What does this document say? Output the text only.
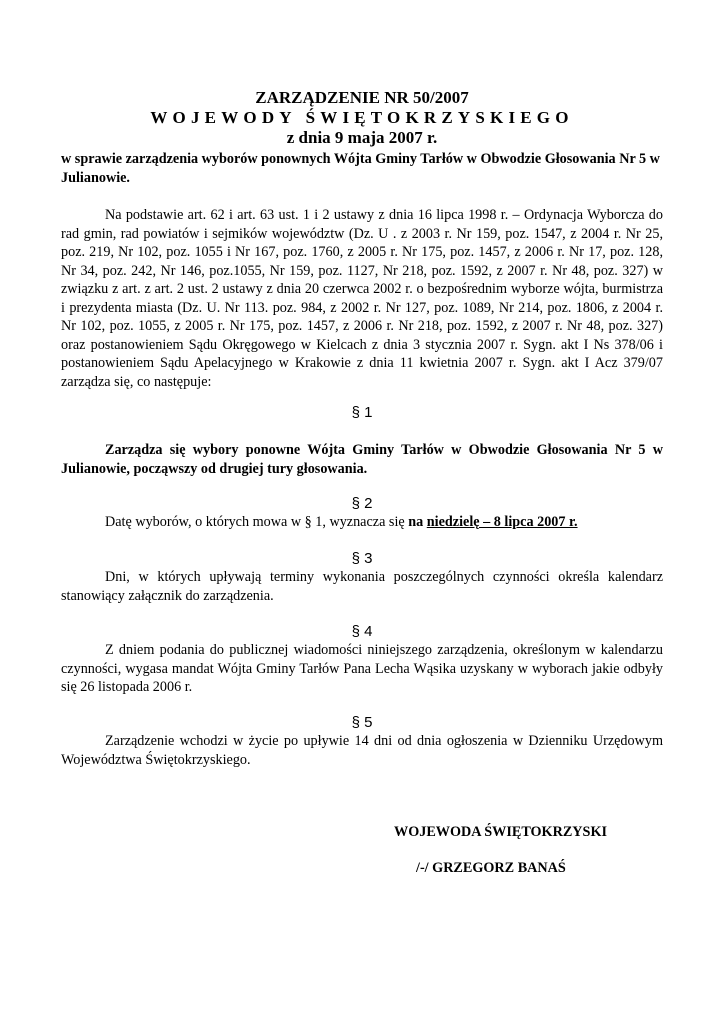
ZARZĄDZENIE NR 50/2007
WOJEWODY ŚWIĘTOKRZYSKIEGO
z dnia 9 maja 2007 r.
w sprawie zarządzenia wyborów ponownych Wójta Gminy Tarłów w Obwodzie Głosowania Nr 5 w Julianowie.
Na podstawie art. 62 i art. 63 ust. 1 i 2 ustawy z dnia 16 lipca 1998 r. – Ordynacja Wyborcza do rad gmin, rad powiatów i sejmików województw (Dz. U . z 2003 r. Nr 159, poz. 1547, z 2004 r. Nr 25, poz. 219, Nr 102, poz. 1055 i Nr 167, poz. 1760, z 2005 r. Nr 175, poz. 1457, z 2006 r. Nr 17, poz. 128, Nr 34, poz. 242, Nr 146, poz.1055, Nr 159, poz. 1127, Nr 218, poz. 1592, z 2007 r. Nr 48, poz. 327) w związku z art. z art. 2 ust. 2 ustawy z dnia 20 czerwca 2002 r. o bezpośrednim wyborze wójta, burmistrza i prezydenta miasta (Dz. U. Nr 113. poz. 984, z 2002 r. Nr 127, poz. 1089, Nr 214, poz. 1806, z 2004 r. Nr 102, poz. 1055, z 2005 r. Nr 175, poz. 1457, z 2006 r. Nr 218, poz. 1592, z 2007 r. Nr 48, poz. 327) oraz postanowieniem Sądu Okręgowego w Kielcach z dnia 3 stycznia 2007 r. Sygn. akt I Ns 378/06 i postanowieniem Sądu Apelacyjnego w Krakowie z dnia 11 kwietnia 2007 r. Sygn. akt I Acz 379/07 zarządza się, co następuje:
§ 1
Zarządza się wybory ponowne Wójta Gminy Tarłów w Obwodzie Głosowania Nr 5 w Julianowie, począwszy od drugiej tury głosowania.
§ 2
Datę wyborów, o których mowa w § 1, wyznacza się na niedzielę – 8 lipca 2007 r.
§ 3
Dni, w których upływają terminy wykonania poszczególnych czynności określa kalendarz stanowiący załącznik do zarządzenia.
§ 4
Z dniem podania do publicznej wiadomości niniejszego zarządzenia, określonym w kalendarzu czynności, wygasa mandat Wójta Gminy Tarłów Pana Lecha Wąsika uzyskany w wyborach jakie odbyły się 26 listopada 2006 r.
§ 5
Zarządzenie wchodzi w życie po upływie 14 dni od dnia ogłoszenia w Dzienniku Urzędowym Województwa Świętokrzyskiego.
WOJEWODA ŚWIĘTOKRZYSKI
/-/ GRZEGORZ BANAŚ
